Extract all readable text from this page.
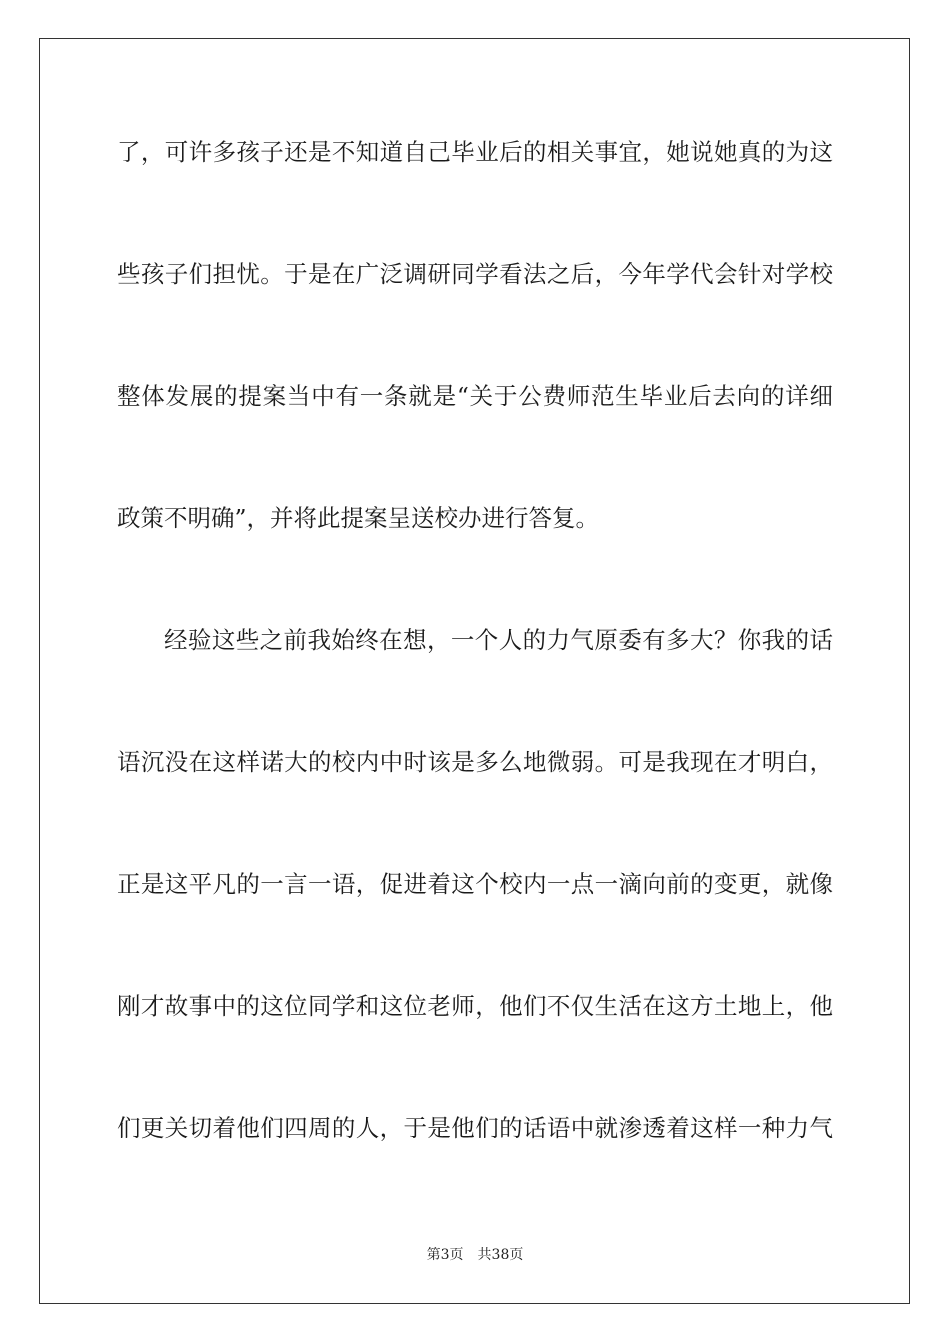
了，可许多孩子还是不知道自己毕业后的相关事宜，她说她真的为这
些孩子们担忧。于是在广泛调研同学看法之后，今年学代会针对学校
整体发展的提案当中有一条就是“关于公费师范生毕业后去向的详细
政策不明确”，并将此提案呈送校办进行答复。
经验这些之前我始终在想，一个人的力气原委有多大？你我的话
语沉没在这样诺大的校内中时该是多么地微弱。可是我现在才明白，
正是这平凡的一言一语，促进着这个校内一点一滴向前的变更，就像
刚才故事中的这位同学和这位老师，他们不仅生活在这方土地上，他
们更关切着他们四周的人，于是他们的话语中就渗透着这样一种力气
第3页 共38页
